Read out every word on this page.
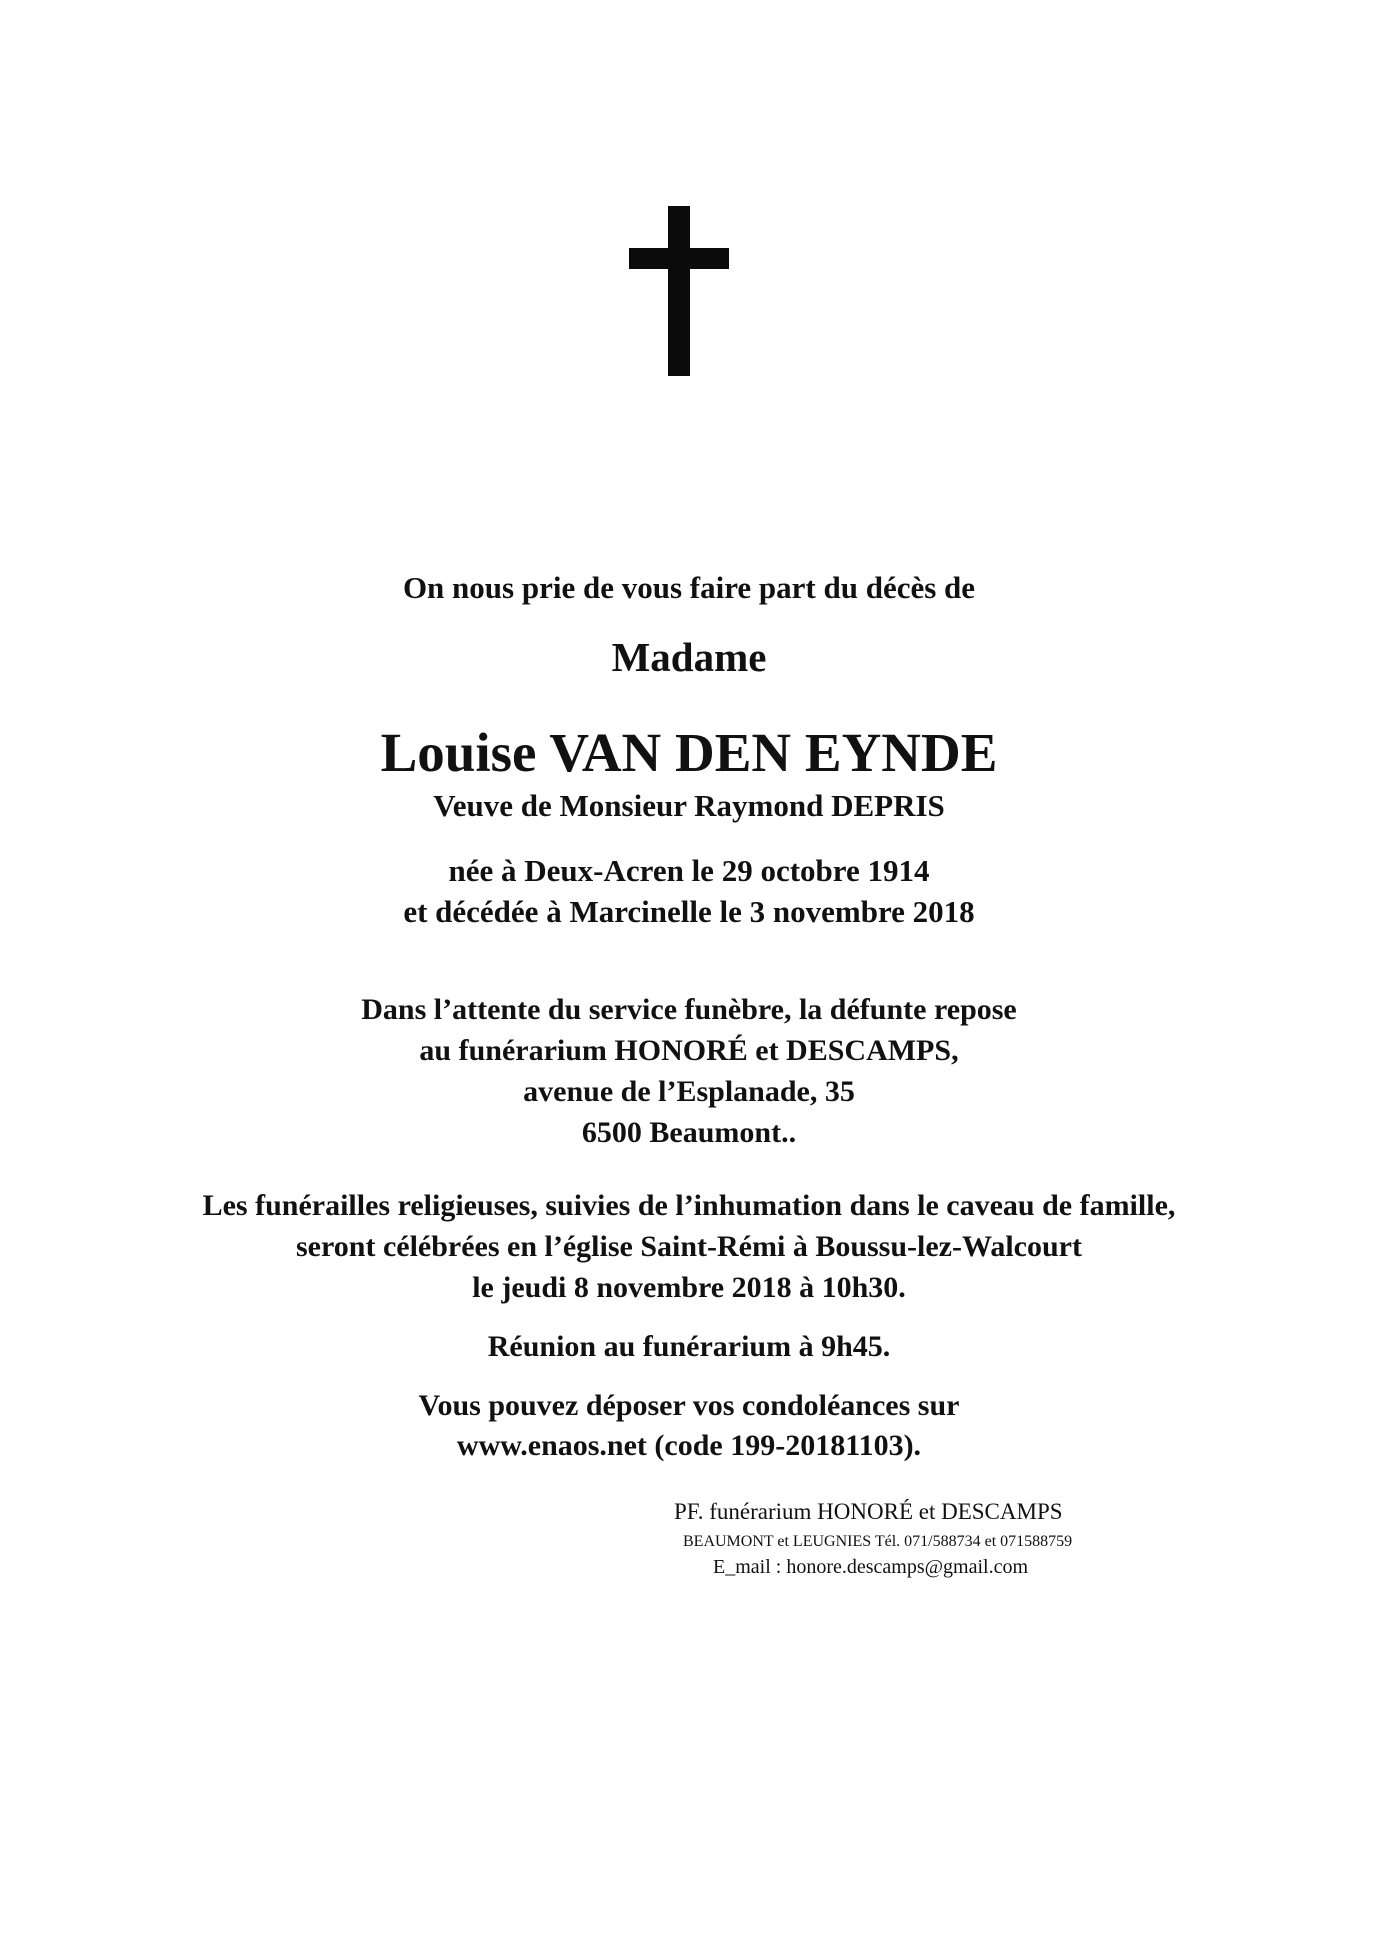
On nous prie de vous faire part du décès de
Madame
Louise VAN DEN EYNDE
Veuve de Monsieur Raymond DEPRIS
née à Deux-Acren le 29 octobre 1914
et décédée à Marcinelle le 3 novembre 2018
Dans l’attente du service funèbre, la défunte repose
au funérarium HONORÉ et DESCAMPS,
avenue de l’Esplanade, 35
6500 Beaumont..
Les funérailles religieuses, suivies de l’inhumation dans le caveau de famille,
seront célébrées en l’église Saint-Rémi à Boussu-lez-Walcourt
le jeudi 8 novembre 2018 à 10h30.
Réunion au funérarium à 9h45.
Vous pouvez déposer vos condoléances sur
www.enaos.net (code 199-20181103).
PF. funérarium HONORÉ et DESCAMPS
BEAUMONT et LEUGNIES Tél. 071/588734 et 071588759
E_mail : honore.descamps@gmail.com
